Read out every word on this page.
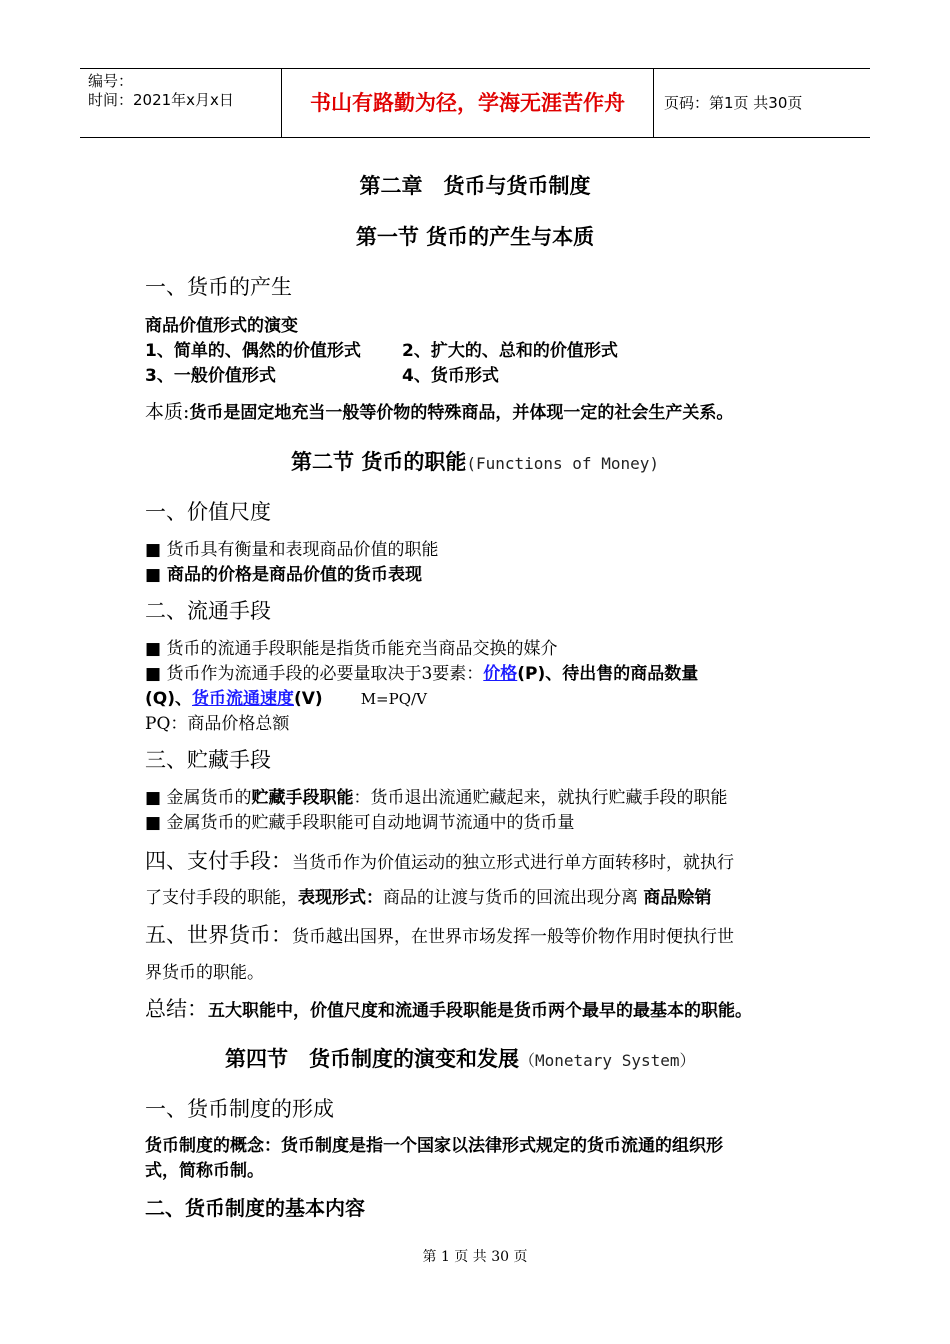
编号：
时间：2021年x月x日	书山有路勤为径，学海无涯苦作舟	页码：第1页 共30页
第二章　货币与货币制度
第一节 货币的产生与本质
一、货币的产生
商品价值形式的演变
1、简单的、偶然的价值形式 2、扩大的、总和的价值形式
3、一般价值形式	4、货币形式
本质:货币是固定地充当一般等价物的特殊商品，并体现一定的社会生产关系。
第二节 货币的职能(Functions of Money)
一、价值尺度
■ 货币具有衡量和表现商品价值的职能
■ 商品的价格是商品价值的货币表现
二、流通手段
■ 货币的流通手段职能是指货币能充当商品交换的媒介
■ 货币作为流通手段的必要量取决于3要素：价格(P)、待出售的商品数量
(Q)、货币流通速度(V)	M=PQ/V
PQ：商品价格总额
三、贮藏手段
■ 金属货币的贮藏手段职能：货币退出流通贮藏起来，就执行贮藏手段的职能
■ 金属货币的贮藏手段职能可自动地调节流通中的货币量
四、支付手段：当货币作为价值运动的独立形式进行单方面转移时，就执行
了支付手段的职能，表现形式：商品的让渡与货币的回流出现分离 商品赊销
五、世界货币：货币越出国界，在世界市场发挥一般等价物作用时便执行世
界货币的职能。
总结：五大职能中，价值尺度和流通手段职能是货币两个最早的最基本的职能。
第四节　货币制度的演变和发展（Monetary System）
一、货币制度的形成
货币制度的概念：货币制度是指一个国家以法律形式规定的货币流通的组织形
式，简称币制。
二、货币制度的基本内容
第 1 页 共 30 页
